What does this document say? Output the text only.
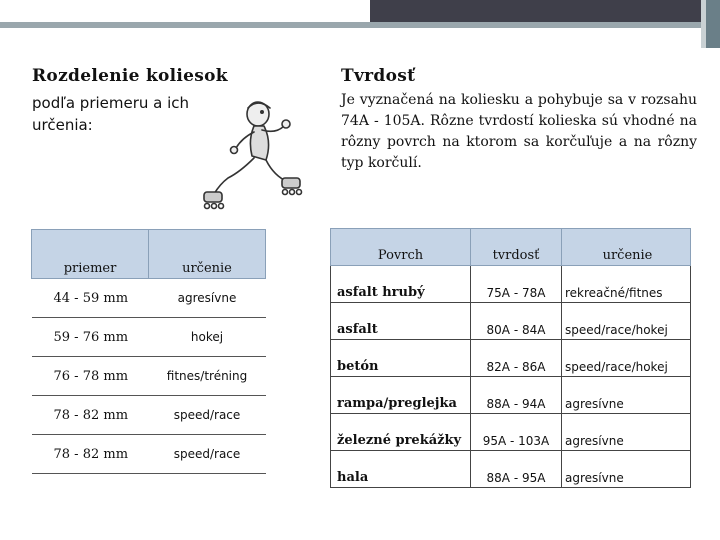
Rozdelenie koliesok
podľa priemeru a ich určenia:
Tvrdosť
Je vyznačená na koliesku a pohybuje sa v rozsahu 74A - 105A. Rôzne tvrdostí kolieska sú vhodné na rôzny povrch na ktorom sa korčuľuje a na rôzny typ korčulí.
priemer	určenie
44 - 59 mm	agresívne
59 - 76 mm	hokej
76 - 78 mm	fitnes/tréning
78 - 82 mm	speed/race
78 - 82 mm	speed/race
Povrch	tvrdosť	určenie
asfalt hrubý	75A - 78A	rekreačné/fitnes
asfalt	80A - 84A	speed/race/hokej
betón	82A - 86A	speed/race/hokej
rampa/preglejka	88A - 94A	agresívne
železné prekážky	95A - 103A	agresívne
hala	88A - 95A	agresívne
